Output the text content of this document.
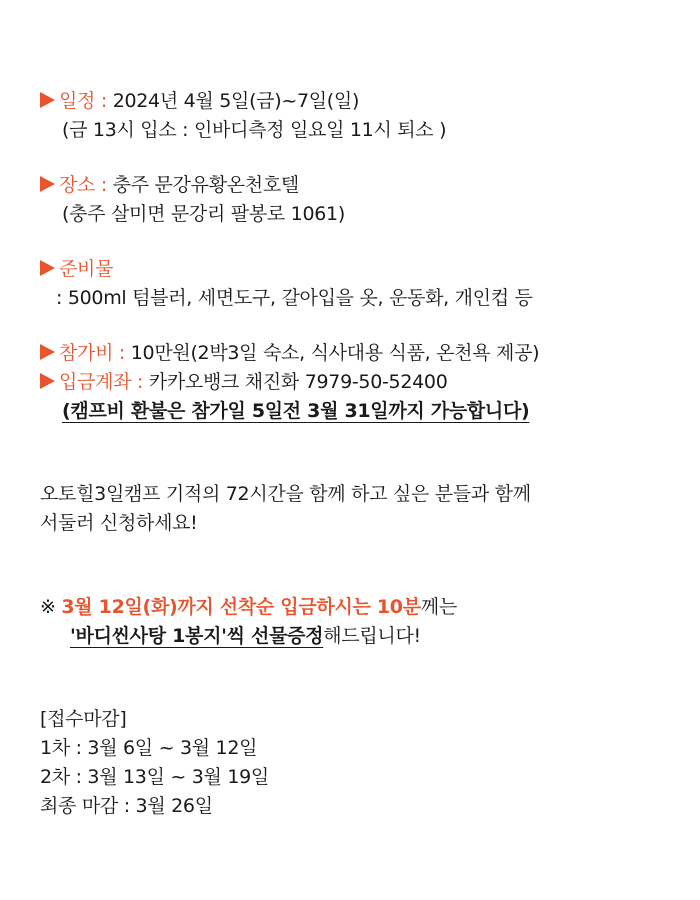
일정 : 2024년 4월 5일(금)~7일(일)
(금 13시 입소 : 인바디측정 일요일 11시 퇴소 )
장소 : 충주 문강유황온천호텔
(충주 살미면 문강리 팔봉로 1061)
준비물
: 500ml 텀블러, 세면도구, 갈아입을 옷, 운동화, 개인컵 등
참가비 : 10만원(2박3일 숙소, 식사대용 식품, 온천욕 제공)
입금계좌 : 카카오뱅크 채진화 7979-50-52400
(캠프비 환불은 참가일 5일전 3월 31일까지 가능합니다)
오토힐3일캠프 기적의 72시간을 함께 하고 싶은 분들과 함께
서둘러 신청하세요!
※ 3월 12일(화)까지 선착순 입금하시는 10분께는
'바디씬사탕 1봉지'씩 선물증정해드립니다!
[접수마감]
1차 : 3월 6일 ~ 3월 12일
2차 : 3월 13일 ~ 3월 19일
최종 마감 : 3월 26일
